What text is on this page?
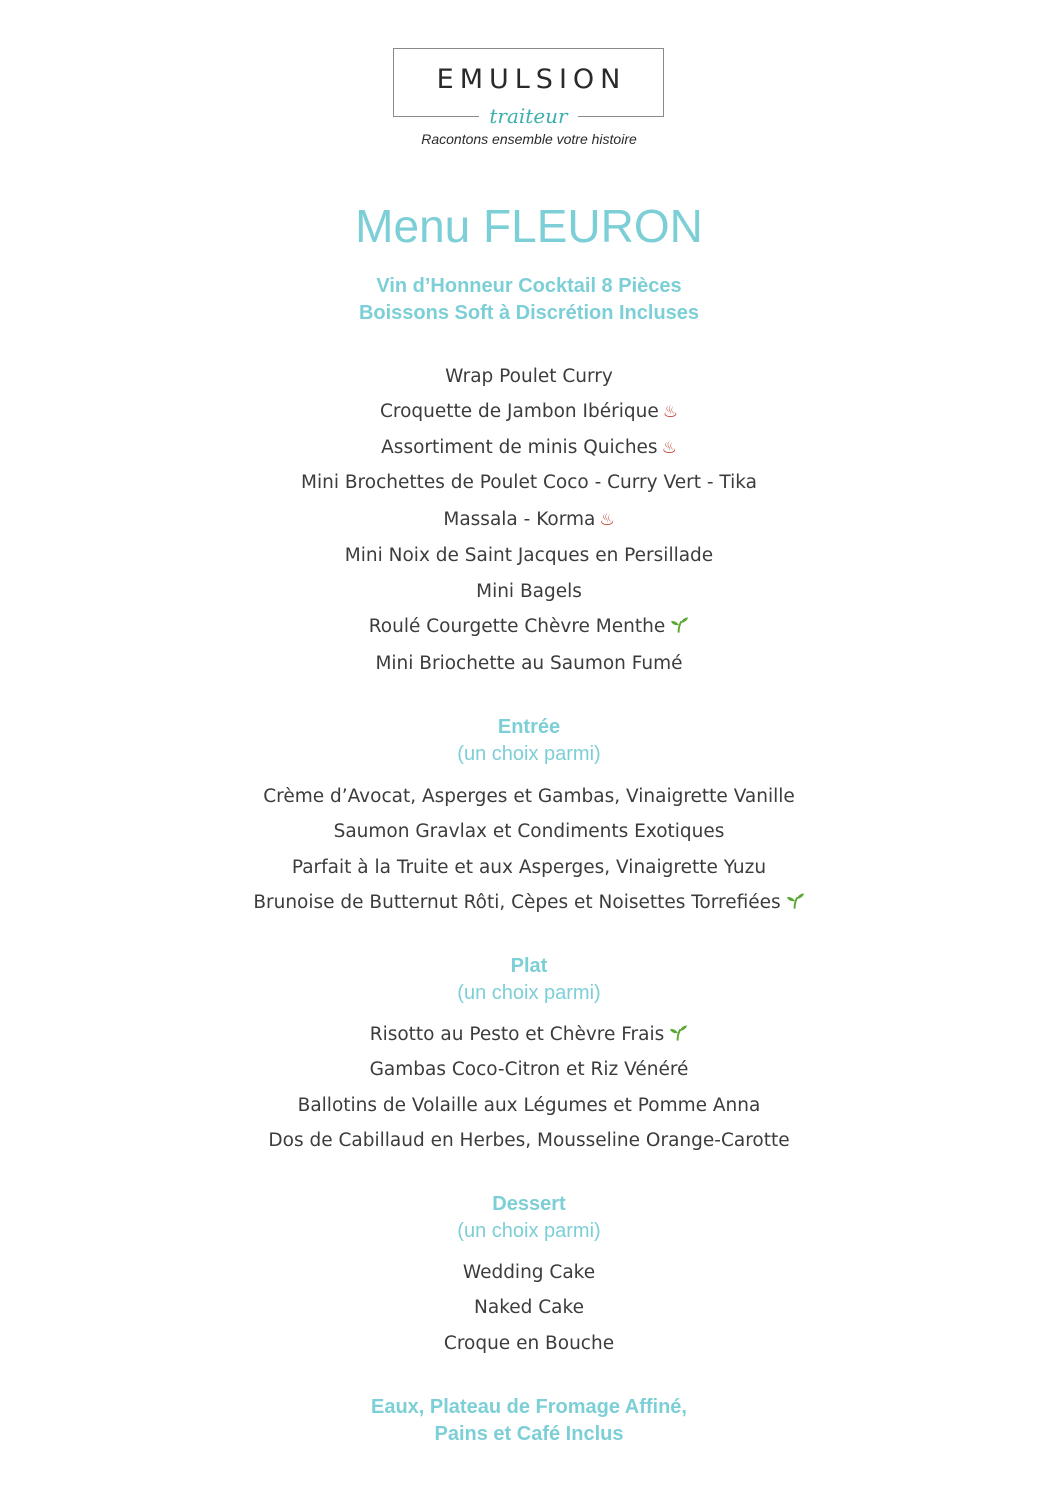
EMULSION
traiteur
Racontons ensemble votre histoire
Menu FLEURON
Vin d’Honneur Cocktail 8 Pièces
Boissons Soft à Discrétion Incluses
Wrap Poulet Curry
Croquette de Jambon Ibérique ♨
Assortiment de minis Quiches ♨
Mini Brochettes de Poulet Coco - Curry Vert - Tika
Massala - Korma ♨
Mini Noix de Saint Jacques en Persillade
Mini Bagels
Roulé Courgette Chèvre Menthe
Mini Briochette au Saumon Fumé
Entrée
(un choix parmi)
Crème d’Avocat, Asperges et Gambas, Vinaigrette Vanille
Saumon Gravlax et Condiments Exotiques
Parfait à la Truite et aux Asperges, Vinaigrette Yuzu
Brunoise de Butternut Rôti, Cèpes et Noisettes Torrefiées
Plat
(un choix parmi)
Risotto au Pesto et Chèvre Frais
Gambas Coco-Citron et Riz Vénéré
Ballotins de Volaille aux Légumes et Pomme Anna
Dos de Cabillaud en Herbes, Mousseline Orange-Carotte
Dessert
(un choix parmi)
Wedding Cake
Naked Cake
Croque en Bouche
Eaux, Plateau de Fromage Affiné,
Pains et Café Inclus
